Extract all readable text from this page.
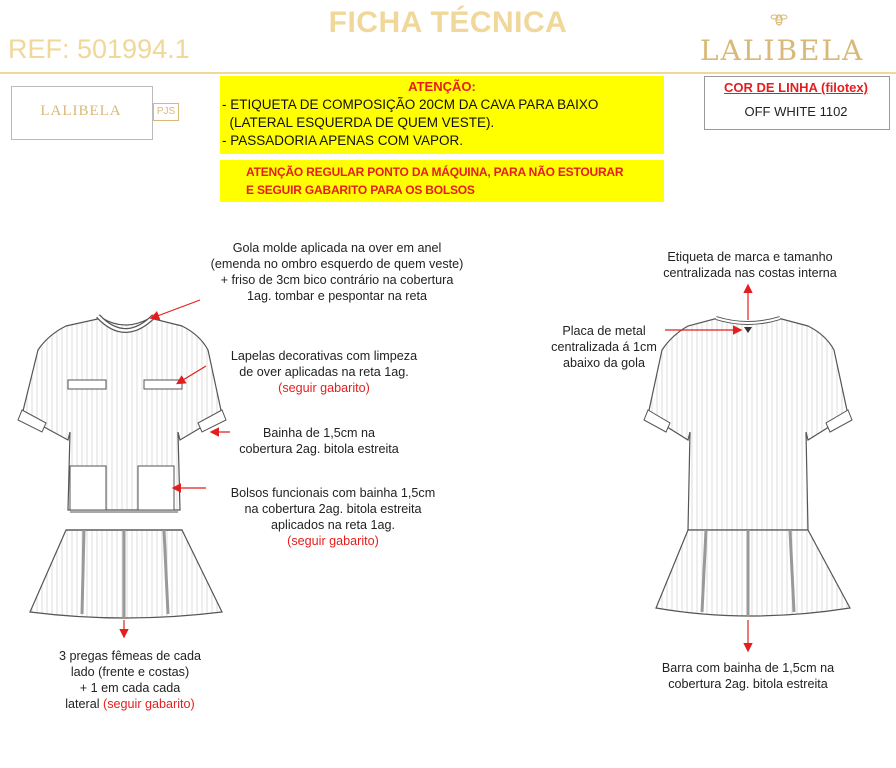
FICHA TÉCNICA
REF: 501994.1	LALIBELA
LALIBELA	PJS
ATENÇÃO:
- ETIQUETA DE COMPOSIÇÃO 20CM DA CAVA PARA BAIXO
(LATERAL ESQUERDA DE QUEM VESTE).
- PASSADORIA APENAS COM VAPOR.
ATENÇÃO REGULAR PONTO DA MÁQUINA, PARA NÃO ESTOURAR
E SEGUIR GABARITO PARA OS BOLSOS
COR DE LINHA (filotex)
OFF WHITE 1102
Gola molde aplicada na over em anel
(emenda no ombro esquerdo de quem veste)
+ friso de 3cm bico contrário na cobertura
1ag. tombar e pespontar na reta
Lapelas decorativas com limpeza
de over aplicadas na reta 1ag.
(seguir gabarito)
Bainha de 1,5cm na
cobertura 2ag. bitola estreita
Bolsos funcionais com bainha 1,5cm
na cobertura 2ag. bitola estreita
aplicados na reta 1ag.
(seguir gabarito)
3 pregas fêmeas de cada
lado (frente e costas)
+ 1 em cada cada
lateral (seguir gabarito)
Etiqueta de marca e tamanho
centralizada nas costas interna
Placa de metal
centralizada á 1cm
abaixo da gola
Barra com bainha de 1,5cm na
cobertura 2ag. bitola estreita
